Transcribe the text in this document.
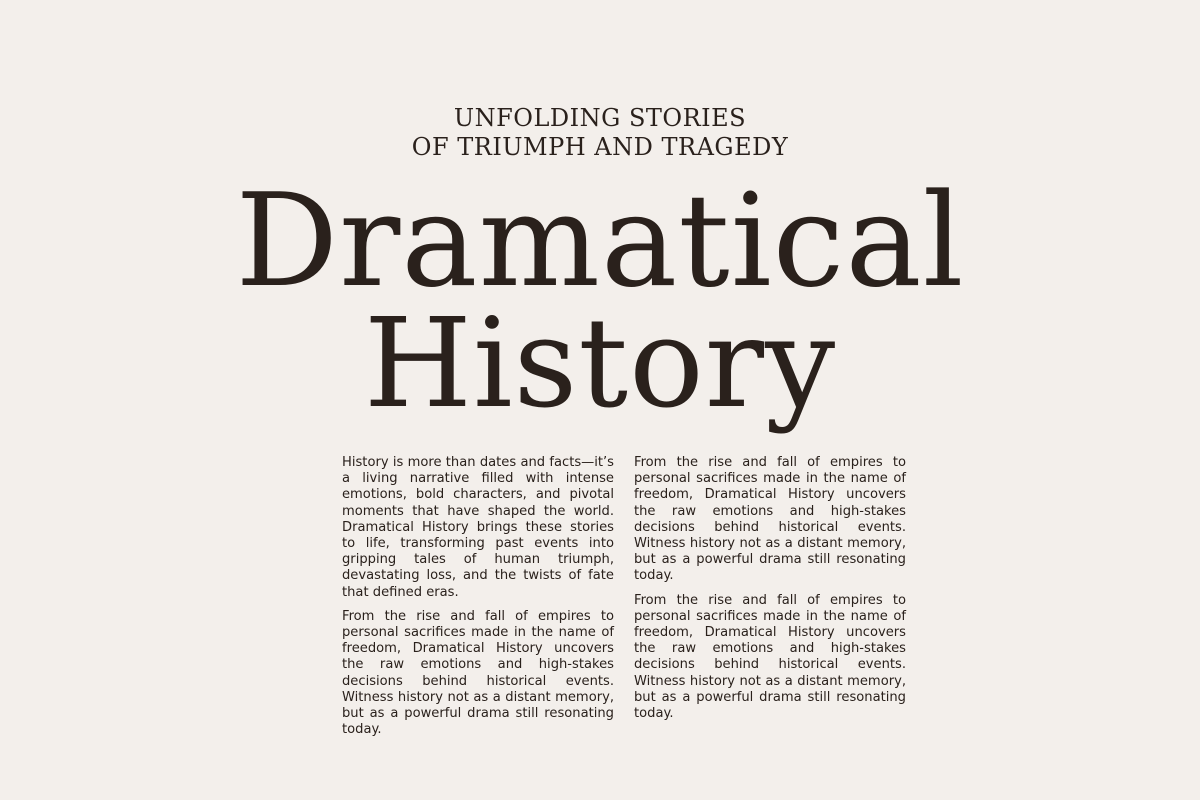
UNFOLDING STORIES
OF TRIUMPH AND TRAGEDY
Dramatical
History

History is more than dates and facts—it’s a living narrative filled with intense emotions, bold characters, and pivotal moments that have shaped the world. Dramatical History brings these stories to life, transforming past events into gripping tales of human triumph, devastating loss, and the twists of fate that defined eras.

From the rise and fall of empires to personal sacrifices made in the name of freedom, Dramatical History uncovers the raw emotions and high-stakes decisions behind historical events. Witness history not as a distant memory, but as a powerful drama still resonating today.

From the rise and fall of empires to personal sacrifices made in the name of freedom, Dramatical History uncovers the raw emotions and high-stakes decisions behind historical events. Witness history not as a distant memory, but as a powerful drama still resonating today.

From the rise and fall of empires to personal sacrifices made in the name of freedom, Dramatical History uncovers the raw emotions and high-stakes decisions behind historical events. Witness history not as a distant memory, but as a powerful drama still resonating today.
